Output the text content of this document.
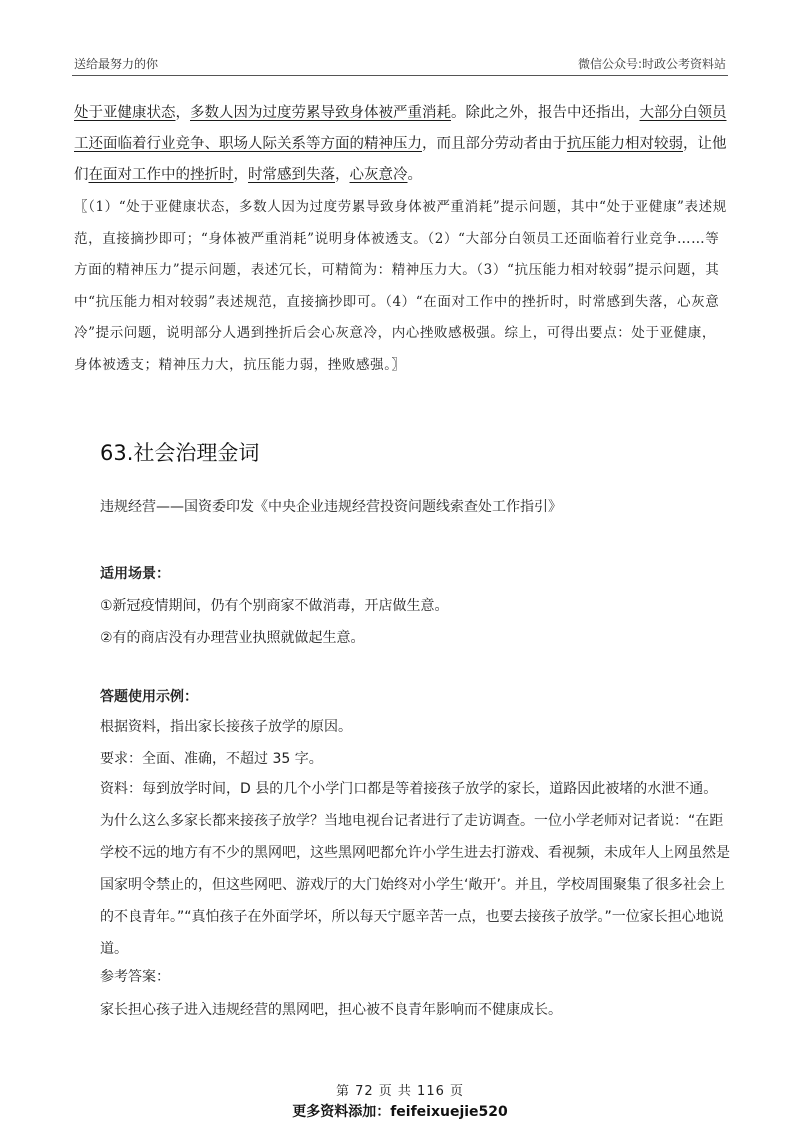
送给最努力的你	微信公众号:时政公考资料站
处于亚健康状态，多数人因为过度劳累导致身体被严重消耗。除此之外，报告中还指出，大部分白领员工还面临着行业竞争、职场人际关系等方面的精神压力，而且部分劳动者由于抗压能力相对较弱，让他们在面对工作中的挫折时，时常感到失落，心灰意冷。
〖（1）“处于亚健康状态，多数人因为过度劳累导致身体被严重消耗”提示问题，其中“处于亚健康”表述规范，直接摘抄即可；“身体被严重消耗”说明身体被透支。（2）“大部分白领员工还面临着行业竞争……等方面的精神压力”提示问题，表述冗长，可精简为：精神压力大。（3）“抗压能力相对较弱”提示问题，其中“抗压能力相对较弱”表述规范，直接摘抄即可。（4）“在面对工作中的挫折时，时常感到失落，心灰意冷”提示问题，说明部分人遇到挫折后会心灰意冷，内心挫败感极强。综上，可得出要点：处于亚健康，身体被透支；精神压力大，抗压能力弱，挫败感强。〗
63.社会治理金词
违规经营——国资委印发《中央企业违规经营投资问题线索查处工作指引》
适用场景：
①新冠疫情期间，仍有个别商家不做消毒，开店做生意。
②有的商店没有办理营业执照就做起生意。
答题使用示例：
根据资料，指出家长接孩子放学的原因。
要求：全面、准确，不超过 35 字。
资料：每到放学时间，D 县的几个小学门口都是等着接孩子放学的家长，道路因此被堵的水泄不通。为什么这么多家长都来接孩子放学？当地电视台记者进行了走访调查。一位小学老师对记者说：“在距学校不远的地方有不少的黑网吧，这些黑网吧都允许小学生进去打游戏、看视频，未成年人上网虽然是国家明令禁止的，但这些网吧、游戏厅的大门始终对小学生‘敞开’。并且，学校周围聚集了很多社会上的不良青年。”“真怕孩子在外面学坏，所以每天宁愿辛苦一点，也要去接孩子放学。”一位家长担心地说道。
参考答案：
家长担心孩子进入违规经营的黑网吧，担心被不良青年影响而不健康成长。
第 72 页 共 116 页
更多资料添加：feifeixuejie520
